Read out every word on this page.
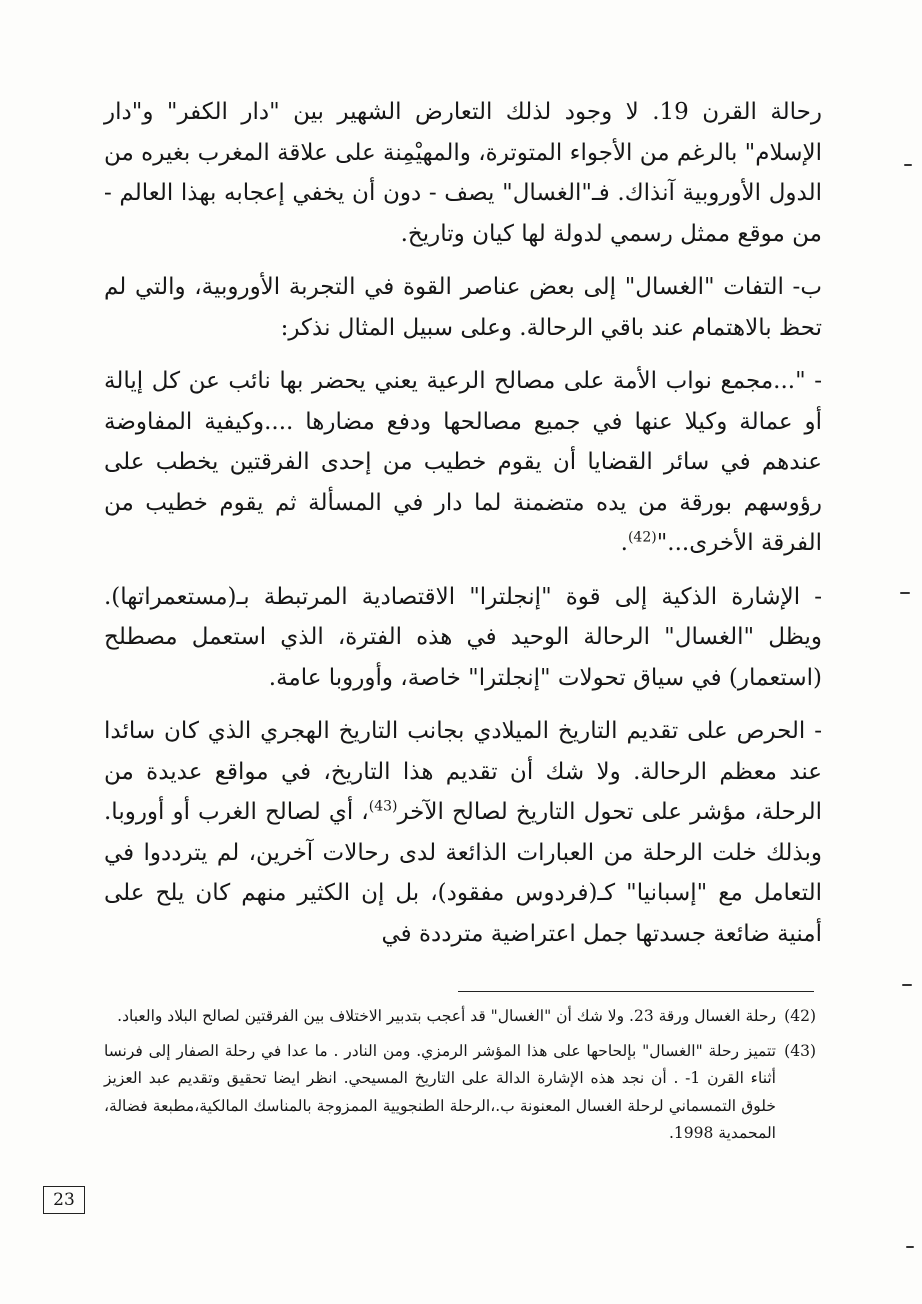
رحالة القرن 19. لا وجود لذلك التعارض الشهير بين "دار الكفر" و"دار الإسلام" بالرغم من الأجواء المتوترة، والمهيْمِنة على علاقة المغرب بغيره من الدول الأوروبية آنذاك. فـ"الغسال" يصف - دون أن يخفي إعجابه بهذا العالم - من موقع ممثل رسمي لدولة لها كيان وتاريخ.

ب- التفات "الغسال" إلى بعض عناصر القوة في التجربة الأوروبية، والتي لم تحظ بالاهتمام عند باقي الرحالة. وعلى سبيل المثال نذكر:

- "...مجمع نواب الأمة على مصالح الرعية يعني يحضر بها نائب عن كل إيالة أو عمالة وكيلا عنها في جميع مصالحها ودفع مضارها ....وكيفية المفاوضة عندهم في سائر القضايا أن يقوم خطيب من إحدى الفرقتين يخطب على رؤوسهم بورقة من يده متضمنة لما دار في المسألة ثم يقوم خطيب من الفرقة الأخرى..."$^{(42)}$.

- الإشارة الذكية إلى قوة "إنجلترا" الاقتصادية المرتبطة بـ(مستعمراتها). ويظل "الغسال" الرحالة الوحيد في هذه الفترة، الذي استعمل مصطلح (استعمار) في سياق تحولات "إنجلترا" خاصة، وأوروبا عامة.

- الحرص على تقديم التاريخ الميلادي بجانب التاريخ الهجري الذي كان سائدا عند معظم الرحالة. ولا شك أن تقديم هذا التاريخ، في مواقع عديدة من الرحلة، مؤشر على تحول التاريخ لصالح الآخر$^{(43)}$، أي لصالح الغرب أو أوروبا. وبذلك خلت الرحلة من العبارات الذائعة لدى رحالات آخرين، لم يترددوا في التعامل مع "إسبانيا" كـ(فردوس مفقود)، بل إن الكثير منهم كان يلح على أمنية ضائعة جسدتها جمل اعتراضية مترددة في

(42)
رحلة الغسال ورقة 23. ولا شك أن "الغسال" قد أعجب بتدبير الاختلاف بين الفرقتين لصالح البلاد والعباد.
(43)
تتميز رحلة "الغسال" بإلحاحها على هذا المؤشر الرمزي. ومن النادر . ما عدا في رحلة الصفار إلى فرنسا أثناء القرن 1- . أن نجد هذه الإشارة الدالة على التاريخ المسيحي. انظر ايضا تحقيق وتقديم عبد العزيز خلوق التمسماني لرحلة الغسال المعنونة ب.،الرحلة الطنجويية الممزوجة بالمناسك المالكية،مطبعة فضالة، المحمدية 1998.
23
